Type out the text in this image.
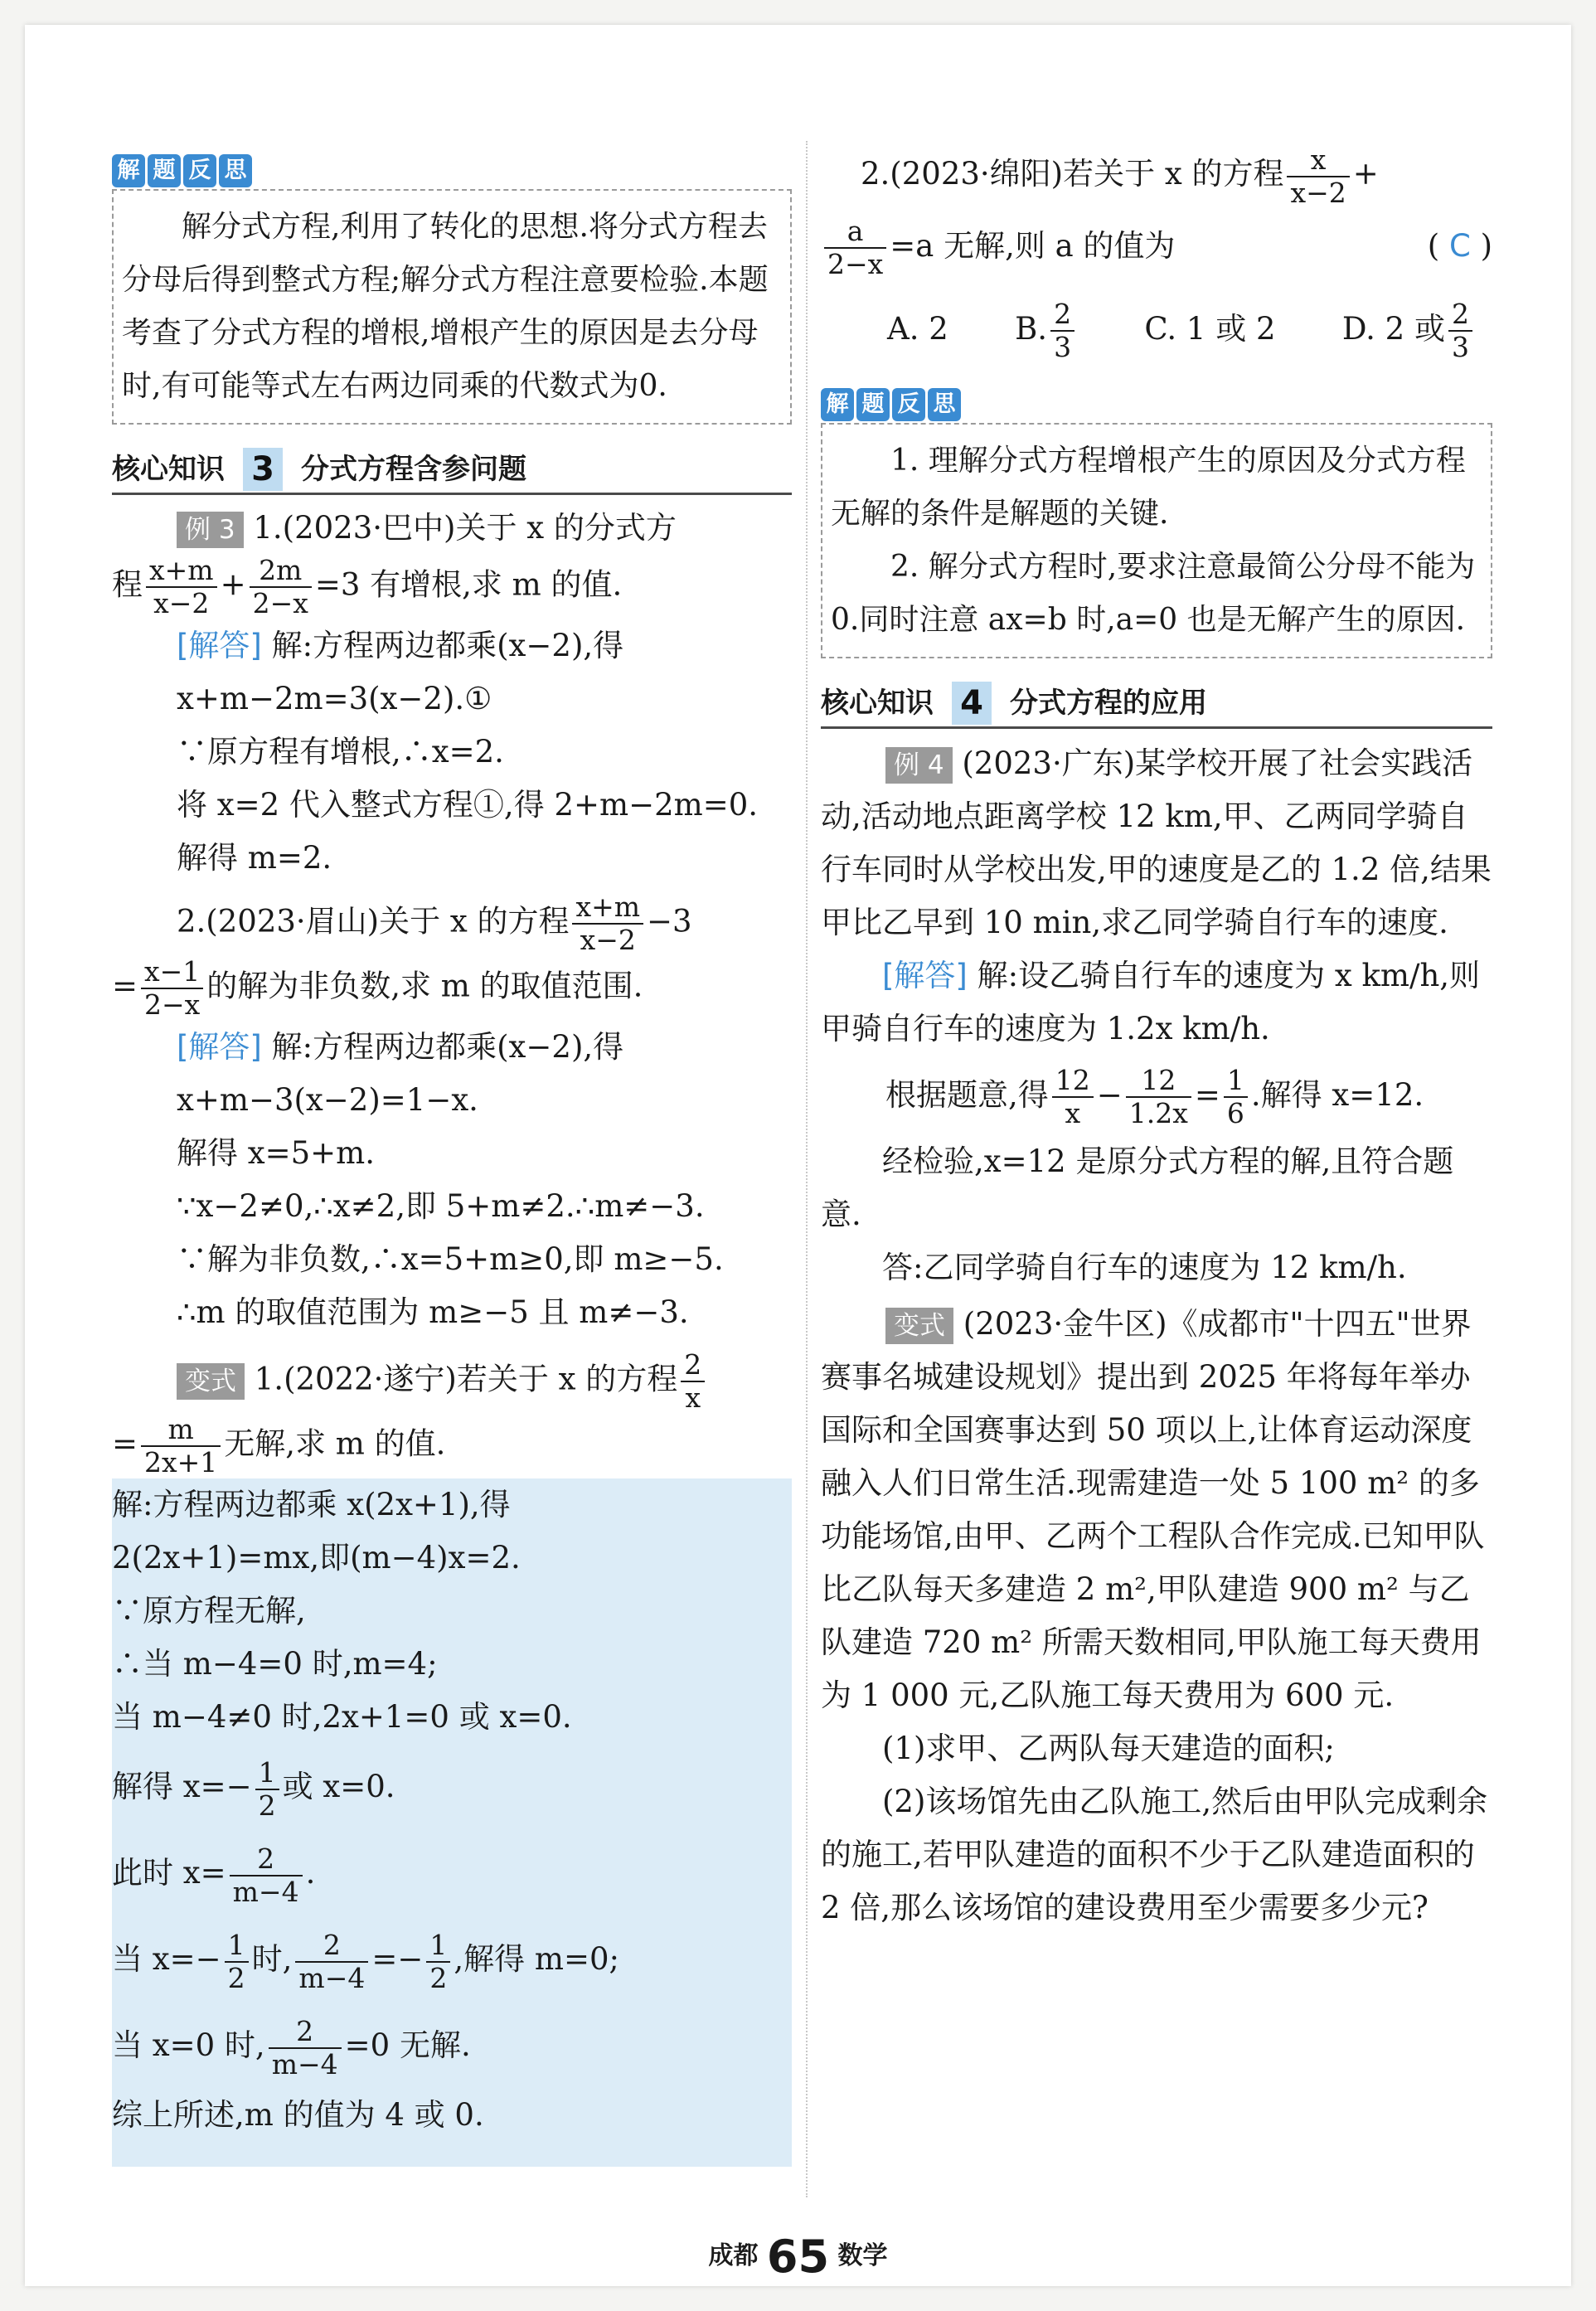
解 题 反 思

解分式方程,利用了转化的思想.将分式方程去分母后得到整式方程;解分式方程注意要检验.本题考查了分式方程的增根,增根产生的原因是去分母时,有可能等式左右两边同乘的代数式为0.

核心知识 3 分式方程含参问题
例 3 1.(2023·巴中)关于 x 的分式方
程 $\frac{x+m}{x-2} + \frac{2m}{2-x} =3$ 有增根,求 m 的值.
[解答] 解:方程两边都乘(x−2),得
x+m−2m=3(x−2).①
∵原方程有增根,∴x=2.
将 x=2 代入整式方程①,得 2+m−2m=0.
解得 m=2.
2.(2023·眉山)关于 x 的方程 $\frac{x+m}{x-2} -3$
= $\frac{x-1}{2-x}$ 的解为非负数,求 m 的取值范围.
[解答] 解:方程两边都乘(x−2),得
x+m−3(x−2)=1−x.
解得 x=5+m.
∵x−2≠0,∴x≠2,即 5+m≠2.∴m≠−3.
∵解为非负数,∴x=5+m≥0,即 m≥−5.
∴m 的取值范围为 m≥−5 且 m≠−3.
变式 1.(2022·遂宁)若关于 x 的方程 $\frac{2}{x}$
= $\frac{m}{2x+1}$ 无解,求 m 的值.
解:方程两边都乘 x(2x+1),得
2(2x+1)=mx,即(m−4)x=2.
∵原方程无解,
∴当 m−4=0 时,m=4;
当 m−4≠0 时,2x+1=0 或 x=0.
解得 $x=- \frac{1}{2}$ 或 x=0.
此时 $x= \frac{2}{m-4}$ .
当 $x=- \frac{1}{2}$ 时, $\frac{2}{m-4} =- \frac{1}{2}$ ,解得 m=0;
当 x=0 时, $\frac{2}{m-4} =0$ 无解.
综上所述,m 的值为 4 或 0.
2.(2023·绵阳)若关于 x 的方程 $\frac{x}{x-2}$ +
$\frac{a}{2-x} =a$ 无解,则 a 的值为	( C )
A. 2 B. $\frac{2}{3} C$. 1 或 2 D. 2 或 $\frac{2}{3}$
解 题 反 思

1. 理解分式方程增根产生的原因及分式方程无解的条件是解题的关键.

2. 解分式方程时,要求注意最简公分母不能为0.同时注意 ax=b 时,a=0 也是无解产生的原因.

核心知识 4 分式方程的应用
例 4 (2023·广东)某学校开展了社会实践活动,活动地点距离学校 12 km,甲、乙两同学骑自行车同时从学校出发,甲的速度是乙的 1.2 倍,结果甲比乙早到 10 min,求乙同学骑自行车的速度.
[解答] 解:设乙骑自行车的速度为 x km/h,则甲骑自行车的速度为 1.2x km/h.
根据题意,得 $\frac{12}{x} - \frac{12}{1.2x} = \frac{1}{6}$ .解得 x=12.
经检验,x=12 是原分式方程的解,且符合题意.
答:乙同学骑自行车的速度为 12 km/h.
变式 (2023·金牛区)《成都市"十四五"世界赛事名城建设规划》提出到 2025 年将每年举办国际和全国赛事达到 50 项以上,让体育运动深度融入人们日常生活.现需建造一处 5 100 m² 的多功能场馆,由甲、乙两个工程队合作完成.已知甲队比乙队每天多建造 2 m²,甲队建造 900 m² 与乙队建造 720 m² 所需天数相同,甲队施工每天费用为 1 000 元,乙队施工每天费用为 600 元.
(1)求甲、乙两队每天建造的面积;
(2)该场馆先由乙队施工,然后由甲队完成剩余的施工,若甲队建造的面积不少于乙队建造面积的 2 倍,那么该场馆的建设费用至少需要多少元?
成都 65 数学
